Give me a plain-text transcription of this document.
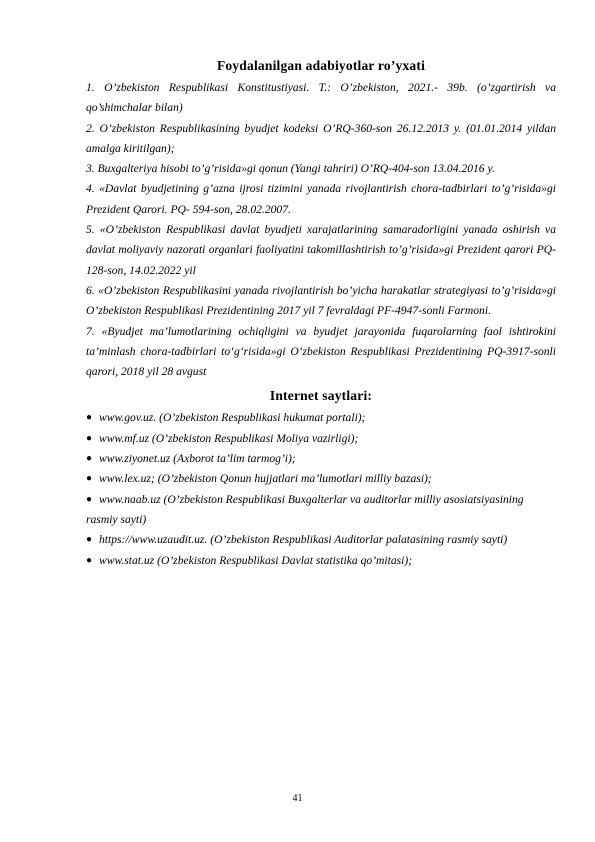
Foydalanilgan adabiyotlar ro’yxati

1. O’zbekiston Respublikasi Konstitustiyasi. T.: O’zbekiston, 2021.- 39b. (o’zgartirish va qo’shimchalar bilan)

2. O’zbekiston Respublikasining byudjet kodeksi O’RQ-360-son 26.12.2013 y. (01.01.2014 yildan amalga kiritilgan);

3. Buxgalteriya hisobi to’g’risida»gi qonun (Yangi tahriri) O’RQ-404-son 13.04.2016 y.

4. «Davlat byudjetining g’azna ijrosi tizimini yanada rivojlantirish chora-tadbirlari to’g’risida»gi Prezident Qarori. PQ- 594-son, 28.02.2007.

5. «O’zbekiston Respublikasi davlat byudjeti xarajatlarining samaradorligini yanada oshirish va davlat moliyaviy nazorati organlari faoliyatini takomillashtirish to’g’risida»gi Prezident qarori PQ-128-son, 14.02.2022 yil

6. «O’zbekiston Respublikasini yanada rivojlantirish bo’yicha harakatlar strategiyasi to’g’risida»gi O’zbekiston Respublikasi Prezidentining 2017 yil 7 fevraldagi PF-4947-sonli Farmoni.

7. «Byudjet ma’lumotlarining ochiqligini va byudjet jarayonida fuqarolarning faol ishtirokini ta’minlash chora-tadbirlari to‘g‘risida»gi O‘zbekiston Respublikasi Prezidentining PQ-3917-sonli qarori, 2018 yil 28 avgust

Internet saytlari:
● www.gov.uz. (O’zbekiston Respublikasi hukumat portali);
● www.mf.uz (O’zbekiston Respublikasi Moliya vazirligi);
● www.ziyonet.uz (Axborot ta’lim tarmog’i);
● www.lex.uz; (O’zbekiston Qonun hujjatlari ma’lumotlari milliy bazasi);
● www.naab.uz (O’zbekiston Respublikasi Buxgalterlar va auditorlar milliy asosiatsiyasining rasmiy sayti)
● https://www.uzaudit.uz. (O’zbekiston Respublikasi Auditorlar palatasining rasmiy sayti)
● www.stat.uz (O’zbekiston Respublikasi Davlat statistika qo’mitasi);
41
